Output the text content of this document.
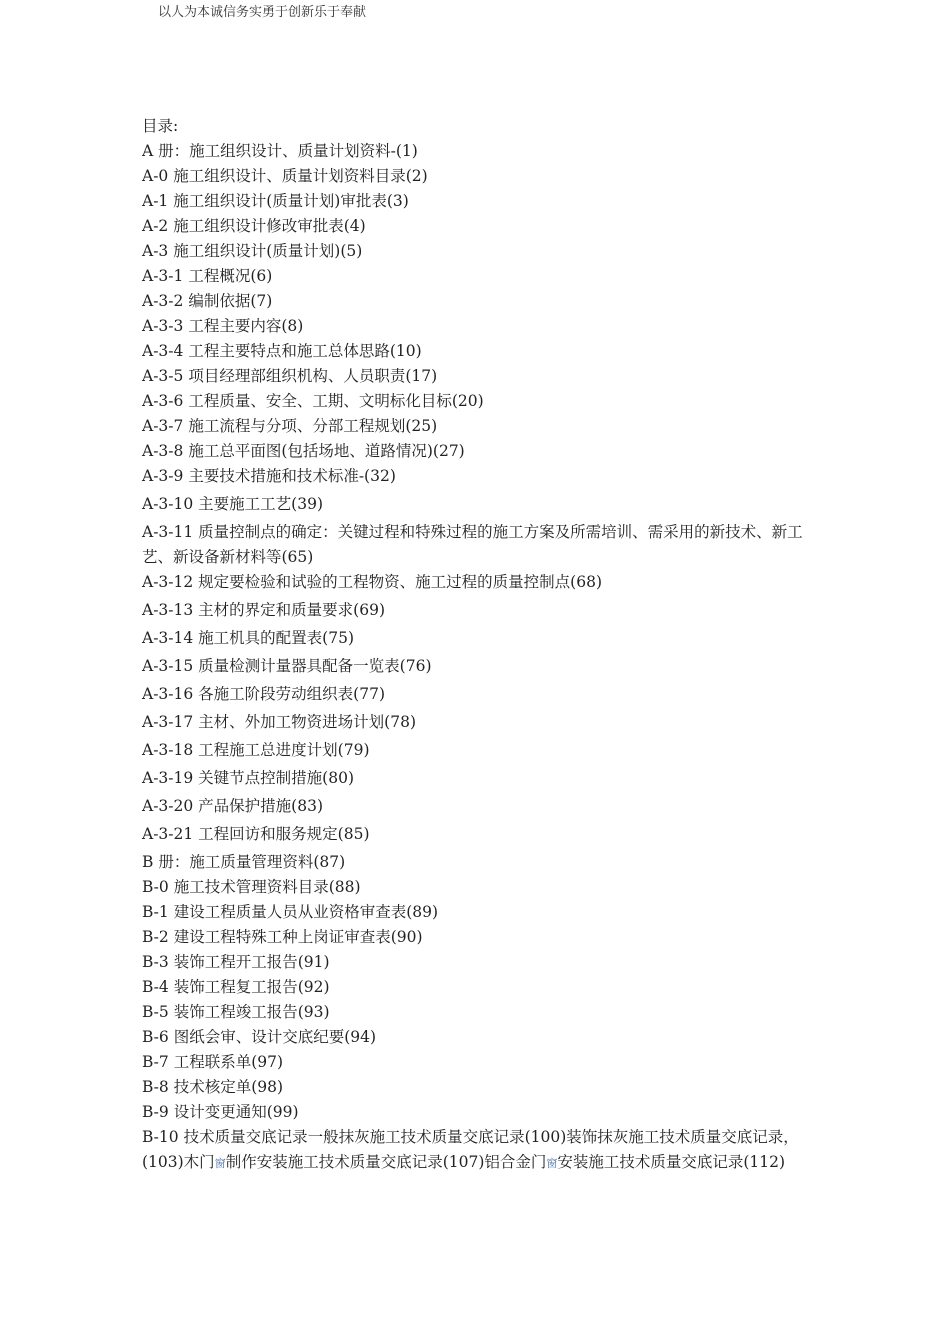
以人为本诚信务实勇于创新乐于奉献
目录:
A 册：施工组织设计、质量计划资料-(1)
A-0 施工组织设计、质量计划资料目录(2)
A-1 施工组织设计(质量计划)审批表(3)
A-2 施工组织设计修改审批表(4)
A-3 施工组织设计(质量计划)(5)
A-3-1 工程概况(6)
A-3-2 编制依据(7)
A-3-3 工程主要内容(8)
A-3-4 工程主要特点和施工总体思路(10)
A-3-5 项目经理部组织机构、人员职责(17)
A-3-6 工程质量、安全、工期、文明标化目标(20)
A-3-7 施工流程与分项、分部工程规划(25)
A-3-8 施工总平面图(包括场地、道路情况)(27)
A-3-9 主要技术措施和技术标准-(32)
A-3-10 主要施工工艺(39)
A-3-11 质量控制点的确定：关键过程和特殊过程的施工方案及所需培训、需采用的新技术、新工艺、新设备新材料等(65)
A-3-12 规定要检验和试验的工程物资、施工过程的质量控制点(68)
A-3-13 主材的界定和质量要求(69)
A-3-14 施工机具的配置表(75)
A-3-15 质量检测计量器具配备一览表(76)
A-3-16 各施工阶段劳动组织表(77)
A-3-17 主材、外加工物资进场计划(78)
A-3-18 工程施工总进度计划(79)
A-3-19 关键节点控制措施(80)
A-3-20 产品保护措施(83)
A-3-21 工程回访和服务规定(85)
B 册：施工质量管理资料(87)
B-0 施工技术管理资料目录(88)
B-1 建设工程质量人员从业资格审查表(89)
B-2 建设工程特殊工种上岗证审查表(90)
B-3 装饰工程开工报告(91)
B-4 装饰工程复工报告(92)
B-5 装饰工程竣工报告(93)
B-6 图纸会审、设计交底纪要(94)
B-7 工程联系单(97)
B-8 技术核定单(98)
B-9 设计变更通知(99)
B-10 技术质量交底记录一般抹灰施工技术质量交底记录(100)装饰抹灰施工技术质量交底记录，(103)木门窗制作安装施工技术质量交底记录(107)铝合金门窗安装施工技术质量交底记录(112)
